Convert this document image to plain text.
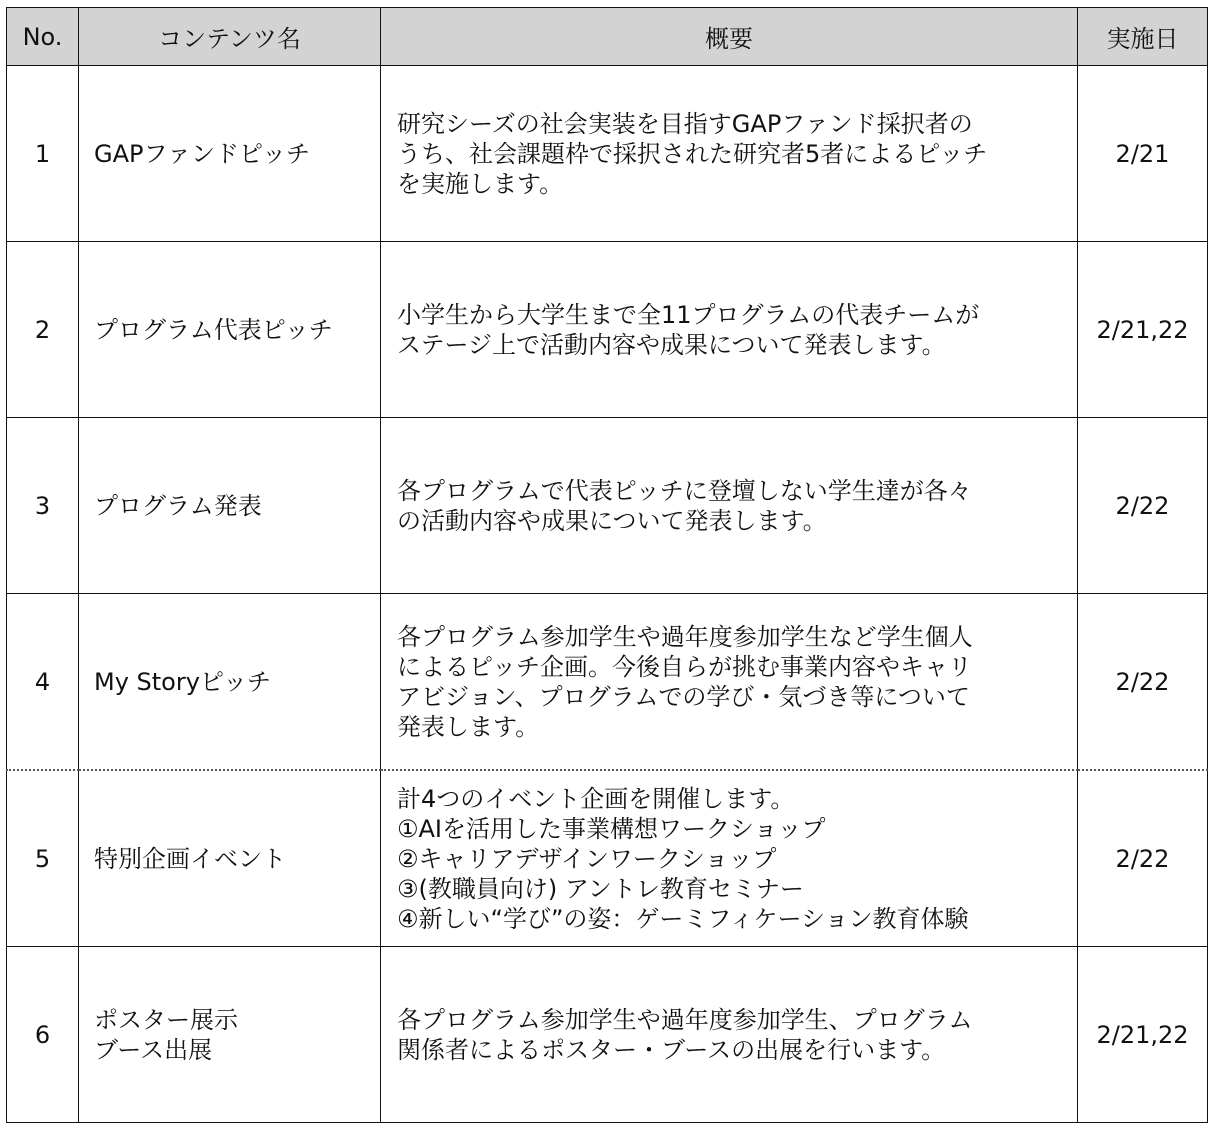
No.	コンテンツ名	概要	実施日
1	GAPファンドピッチ	研究シーズの社会実装を目指すGAPファンド採択者の
うち、社会課題枠で採択された研究者5者によるピッチ
を実施します。	2/21
2	プログラム代表ピッチ	小学生から大学生まで全11プログラムの代表チームが
ステージ上で活動内容や成果について発表します。	2/21,22
3	プログラム発表	各プログラムで代表ピッチに登壇しない学生達が各々
の活動内容や成果について発表します。	2/22
4	My Storyピッチ	各プログラム参加学生や過年度参加学生など学生個人
によるピッチ企画。今後自らが挑む事業内容やキャリ
アビジョン、プログラムでの学び・気づき等について
発表します。	2/22
5	特別企画イベント	計4つのイベント企画を開催します。
①AIを活用した事業構想ワークショップ
②キャリアデザインワークショップ
③(教職員向け) アントレ教育セミナー
④新しい“学び”の姿：ゲーミフィケーション教育体験	2/22
6	ポスター展示
ブース出展	各プログラム参加学生や過年度参加学生、プログラム
関係者によるポスター・ブースの出展を行います。	2/21,22
